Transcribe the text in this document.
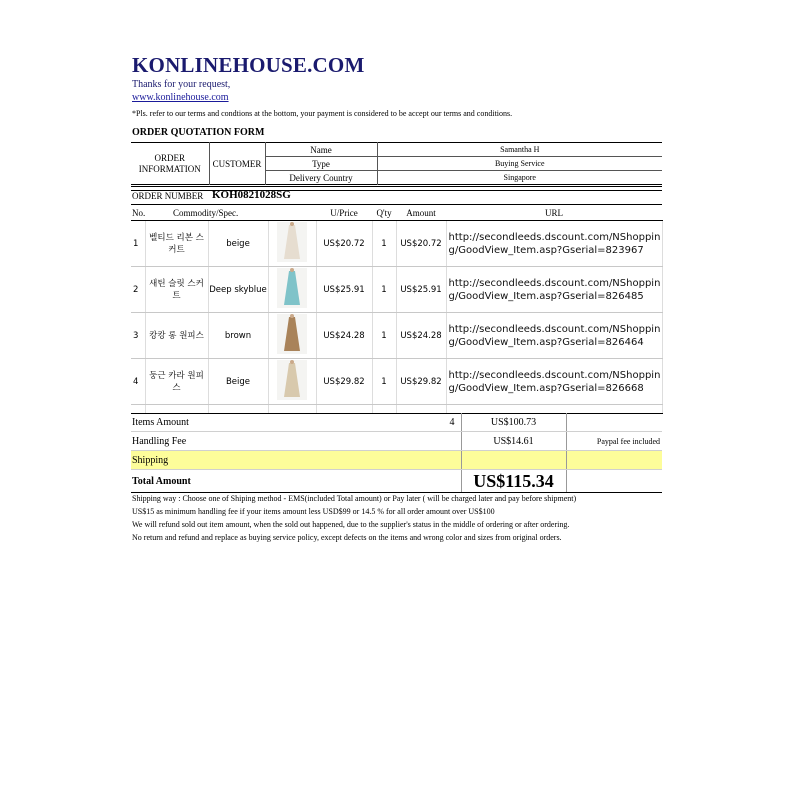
KONLINEHOUSE.COM
Thanks for your request,
www.konlinehouse.com
*Pls. refer to our terms and condtions at the bottom, your payment is considered to be accept our terms and conditions.
ORDER QUOTATION FORM
ORDER
INFORMATION	CUSTOMER	Name	Samantha H
		Type	Buying Service
		Delivery Country	Singapore
ORDER NUMBER KOH0821028SG
No.	Commodity/Spec.			U/Price	Q'ty	Amount	URL
1	벨티드 리본 스커트	beige		US$20.72	1	US$20.72	http://secondleeds.dscount.com/NShopping/GoodView_Item.asp?Gserial=823967
2	새틴 슬릿 스커트	Deep skyblue		US$25.91	1	US$25.91	http://secondleeds.dscount.com/NShopping/GoodView_Item.asp?Gserial=826485
3	캉캉 롱 원피스	brown		US$24.28	1	US$24.28	http://secondleeds.dscount.com/NShopping/GoodView_Item.asp?Gserial=826464
4	둥근 카라 원피스	Beige		US$29.82	1	US$29.82	http://secondleeds.dscount.com/NShopping/GoodView_Item.asp?Gserial=826668

Items Amount		4	US$100.73	
Handling Fee			US$14.61	Paypal fee included
Shipping				
Total Amount			US$115.34	
Shipping way : Choose one of Shiping method - EMS(included Total amount) or Pay later ( will be charged later and pay before shipment)
US$15 as minimum handling fee if your items amount less USD$99 or 14.5 % for all order amount over US$100
We will refund sold out item amount, when the sold out happened, due to the supplier's status in the middle of ordering or after ordering.
No return and refund and replace as buying service policy, except defects on the items and wrong color and sizes from original orders.
